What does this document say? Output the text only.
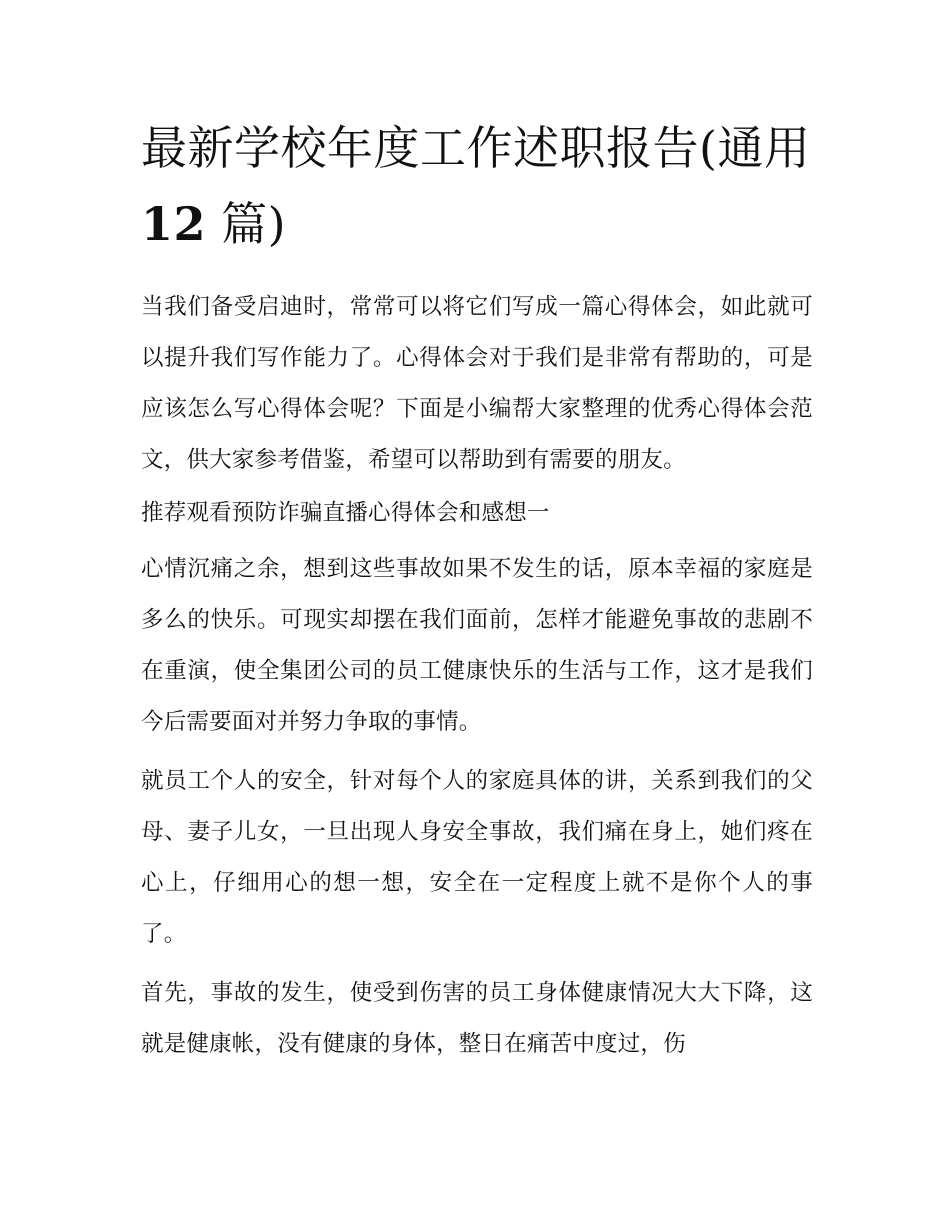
最新学校年度工作述职报告(通用
12 篇)

当我们备受启迪时，常常可以将它们写成一篇心得体会，如此就可以提升我们写作能力了。心得体会对于我们是非常有帮助的，可是应该怎么写心得体会呢？下面是小编帮大家整理的优秀心得体会范文，供大家参考借鉴，希望可以帮助到有需要的朋友。

推荐观看预防诈骗直播心得体会和感想一

心情沉痛之余，想到这些事故如果不发生的话，原本幸福的家庭是多么的快乐。可现实却摆在我们面前，怎样才能避免事故的悲剧不在重演，使全集团公司的员工健康快乐的生活与工作，这才是我们今后需要面对并努力争取的事情。

就员工个人的安全，针对每个人的家庭具体的讲，关系到我们的父母、妻子儿女，一旦出现人身安全事故，我们痛在身上，她们疼在心上，仔细用心的想一想，安全在一定程度上就不是你个人的事了。

首先，事故的发生，使受到伤害的员工身体健康情况大大下降，这就是健康帐，没有健康的身体，整日在痛苦中度过，伤
